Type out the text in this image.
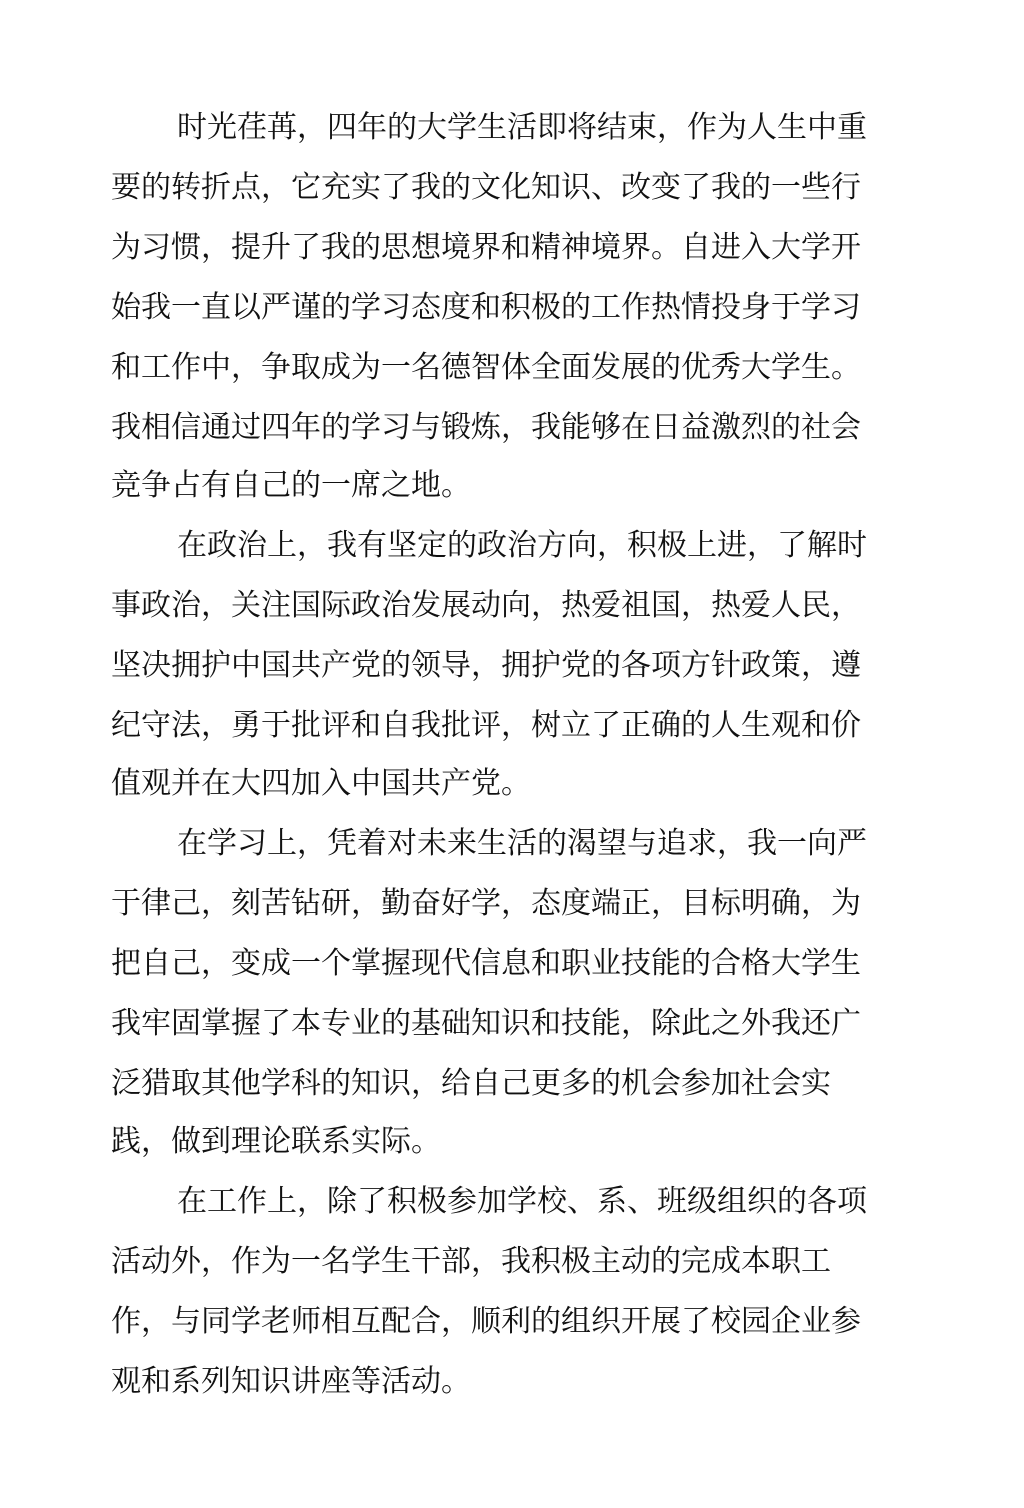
时光荏苒，四年的大学生活即将结束，作为人生中重
要的转折点，它充实了我的文化知识、改变了我的一些行
为习惯，提升了我的思想境界和精神境界。自进入大学开
始我一直以严谨的学习态度和积极的工作热情投身于学习
和工作中，争取成为一名德智体全面发展的优秀大学生。
我相信通过四年的学习与锻炼，我能够在日益激烈的社会
竞争占有自己的一席之地。
在政治上，我有坚定的政治方向，积极上进，了解时
事政治，关注国际政治发展动向，热爱祖国，热爱人民，
坚决拥护中国共产党的领导，拥护党的各项方针政策，遵
纪守法，勇于批评和自我批评，树立了正确的人生观和价
值观并在大四加入中国共产党。
在学习上，凭着对未来生活的渴望与追求，我一向严
于律己，刻苦钻研，勤奋好学，态度端正，目标明确，为
把自己，变成一个掌握现代信息和职业技能的合格大学生
我牢固掌握了本专业的基础知识和技能，除此之外我还广
泛猎取其他学科的知识，给自己更多的机会参加社会实
践，做到理论联系实际。
在工作上，除了积极参加学校、系、班级组织的各项
活动外，作为一名学生干部，我积极主动的完成本职工
作，与同学老师相互配合，顺利的组织开展了校园企业参
观和系列知识讲座等活动。
